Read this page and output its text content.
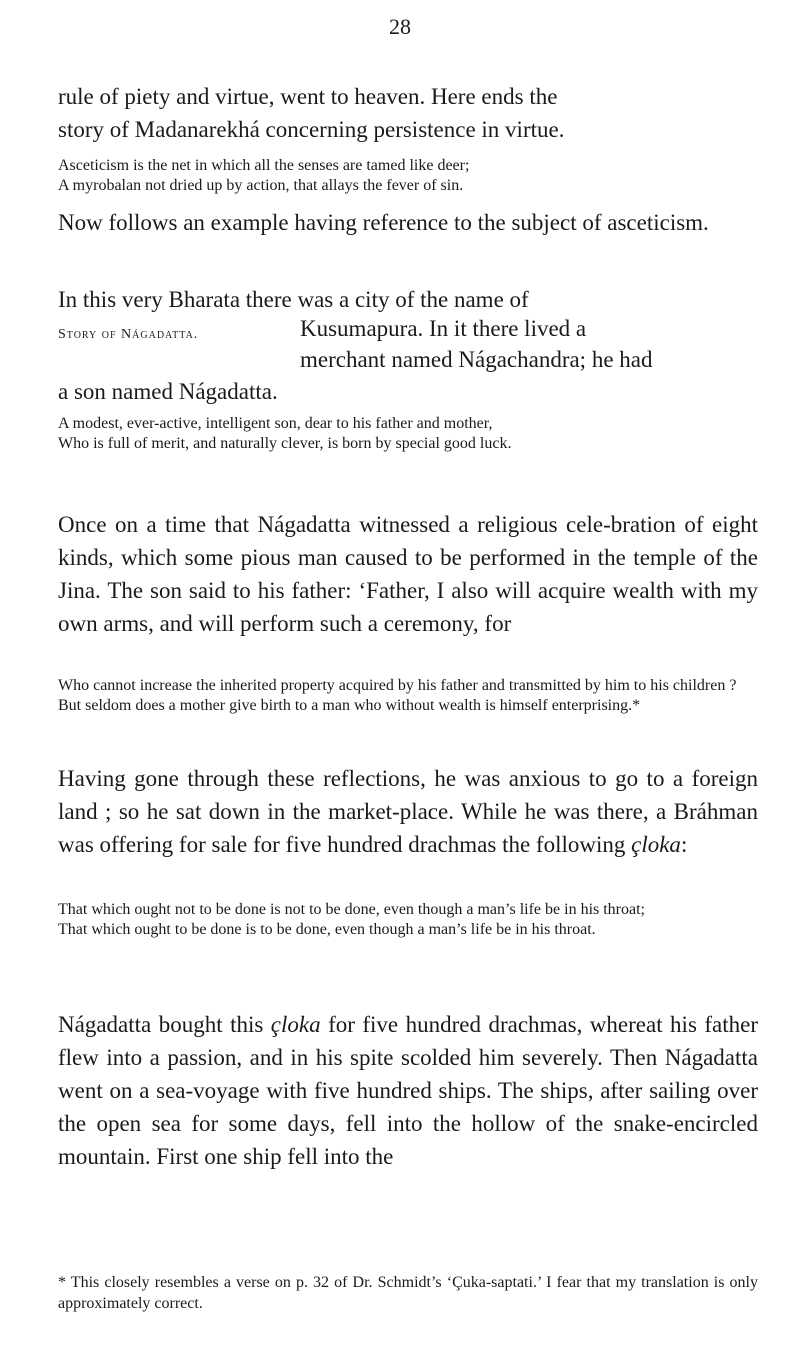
28

rule of piety and virtue, went to heaven. Here ends the
story of Madanarekhá concerning persistence in virtue.

Asceticism is the net in which all the senses are tamed like deer;
A myrobalan not dried up by action, that allays the fever of sin.

Now follows an example having reference to the subject of asceticism.

In this very Bharata there was a city of the name of

Story of Nágadatta.	Kusumapura. In it there lived a

merchant named Nágachandra; he had

a son named Nágadatta.

A modest, ever-active, intelligent son, dear to his father and mother,
Who is full of merit, and naturally clever, is born by special good luck.

Once on a time that Nágadatta witnessed a religious cele-bration of eight kinds, which some pious man caused to be performed in the temple of the Jina. The son said to his father: ‘Father, I also will acquire wealth with my own arms, and will perform such a ceremony, for

Who cannot increase the inherited property acquired by his father and transmitted by him to his children ?
But seldom does a mother give birth to a man who without wealth is himself enterprising.*

Having gone through these reflections, he was anxious to go to a foreign land ; so he sat down in the market-place. While he was there, a Bráhman was offering for sale for five hundred drachmas the following çloka:

That which ought not to be done is not to be done, even though a man’s life be in his throat;
That which ought to be done is to be done, even though a man’s life be in his throat.

Nágadatta bought this çloka for five hundred drachmas, whereat his father flew into a passion, and in his spite scolded him severely. Then Nágadatta went on a sea-voyage with five hundred ships. The ships, after sailing over the open sea for some days, fell into the hollow of the snake-encircled mountain. First one ship fell into the

* This closely resembles a verse on p. 32 of Dr. Schmidt’s ‘Çuka-saptati.’ I fear that my translation is only approximately correct.
